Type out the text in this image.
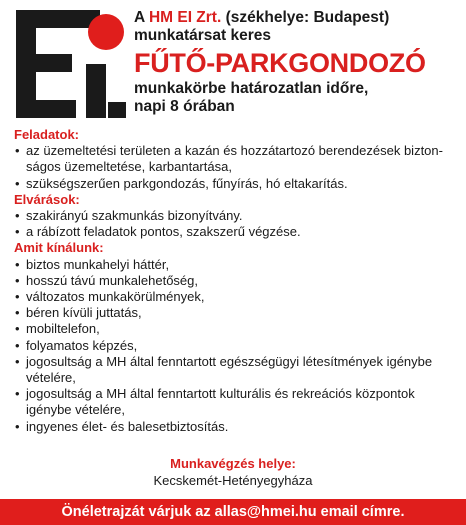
A HM EI Zrt. (székhelye: Budapest)
munkatársat keres
FŰTŐ-PARKGONDOZÓ
munkakörbe határozatlan időre,
napi 8 órában
Feladatok:
• az üzemeltetési területen a kazán és hozzátartozó berendezések bizton-ságos üzemeltetése, karbantartása,
• szükségszerűen parkgondozás, fűnyírás, hó eltakarítás.
Elvárások:
• szakirányú szakmunkás bizonyítvány.
• a rábízott feladatok pontos, szakszerű végzése.
Amit kínálunk:
• biztos munkahelyi háttér,
• hosszú távú munkalehetőség,
• változatos munkakörülmények,
• béren kívüli juttatás,
• mobiltelefon,
• folyamatos képzés,
• jogosultság a MH által fenntartott egészségügyi létesítmények igénybe vételére,
• jogosultság a MH által fenntartott kulturális és rekreációs központok igénybe vételére,
• ingyenes élet- és balesetbiztosítás.
Munkavégzés helye:
Kecskemét-Hetényegyháza
Önéletrajzát várjuk az allas@hmei.hu email címre.
